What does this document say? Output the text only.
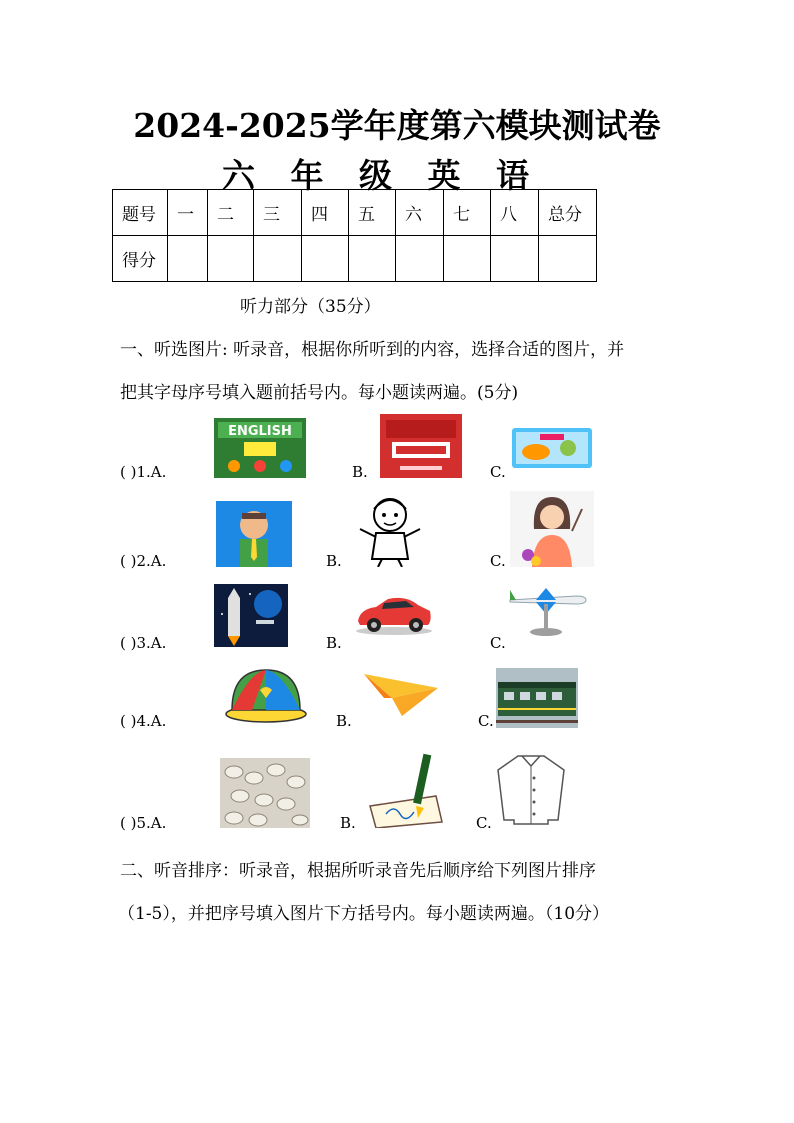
2024-2025学年度第六模块测试卷
六 年 级 英 语
题号	一	二	三	四	五	六	七	八	总分
得分									
听力部分（35分）
一、听选图片: 听录音，根据你所听到的内容，选择合适的图片，并
把其字母序号填入题前括号内。每小题读两遍。(5分)
( )1.A.
ENGLISH
B.	C.
( )2.A.	B.	C.
( )3.A.	B.	C.
( )4.A.	B.	C.
( )5.A.	B.	C.
二、听音排序：听录音，根据所听录音先后顺序给下列图片排序
（1-5），并把序号填入图片下方括号内。每小题读两遍。（10分）
